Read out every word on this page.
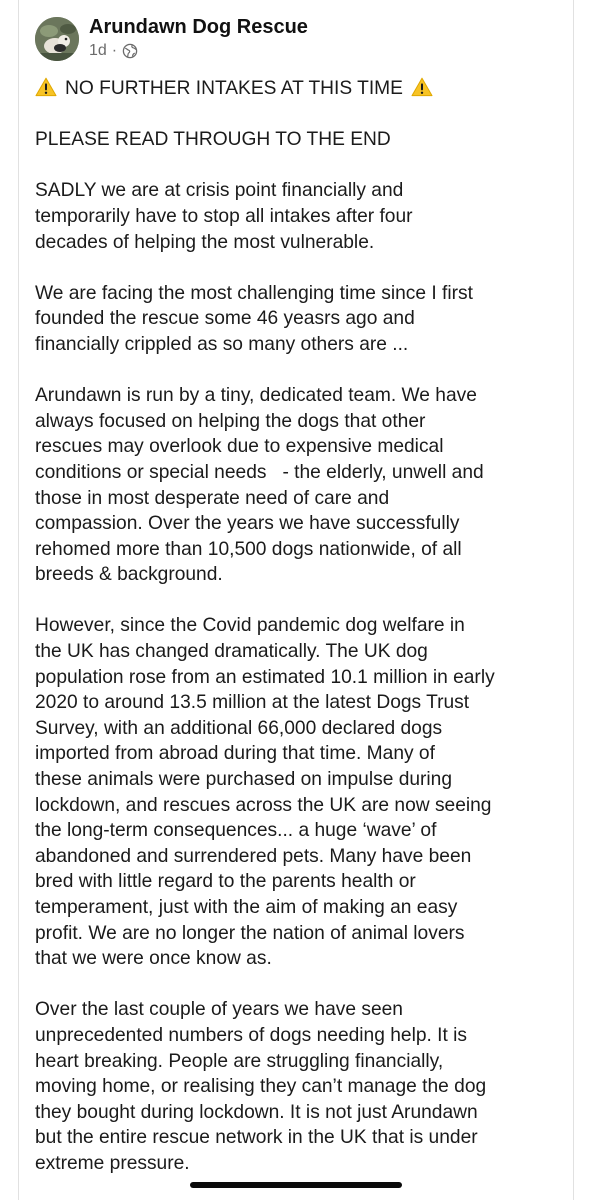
Arundawn Dog Rescue
1d ·

NO FURTHER INTAKES AT THIS TIME

PLEASE READ THROUGH TO THE END

SADLY we are at crisis point financially and
temporarily have to stop all intakes after four
decades of helping the most vulnerable.

We are facing the most challenging time since I first
founded the rescue some 46 yeasrs ago and
financially crippled as so many others are ...

Arundawn is run by a tiny, dedicated team. We have
always focused on helping the dogs that other
rescues may overlook due to expensive medical
conditions or special needs   - the elderly, unwell and
those in most desperate need of care and
compassion. Over the years we have successfully
rehomed more than 10,500 dogs nationwide, of all
breeds & background.

However, since the Covid pandemic dog welfare in
the UK has changed dramatically. The UK dog
population rose from an estimated 10.1 million in early
2020 to around 13.5 million at the latest Dogs Trust
Survey, with an additional 66,000 declared dogs
imported from abroad during that time. Many of
these animals were purchased on impulse during
lockdown, and rescues across the UK are now seeing
the long-term consequences... a huge ‘wave’ of
abandoned and surrendered pets. Many have been
bred with little regard to the parents health or
temperament, just with the aim of making an easy
profit. We are no longer the nation of animal lovers
that we were once know as.

Over the last couple of years we have seen
unprecedented numbers of dogs needing help. It is
heart breaking. People are struggling financially,
moving home, or realising they can’t manage the dog
they bought during lockdown. It is not just Arundawn
but the entire rescue network in the UK that is under
extreme pressure.
